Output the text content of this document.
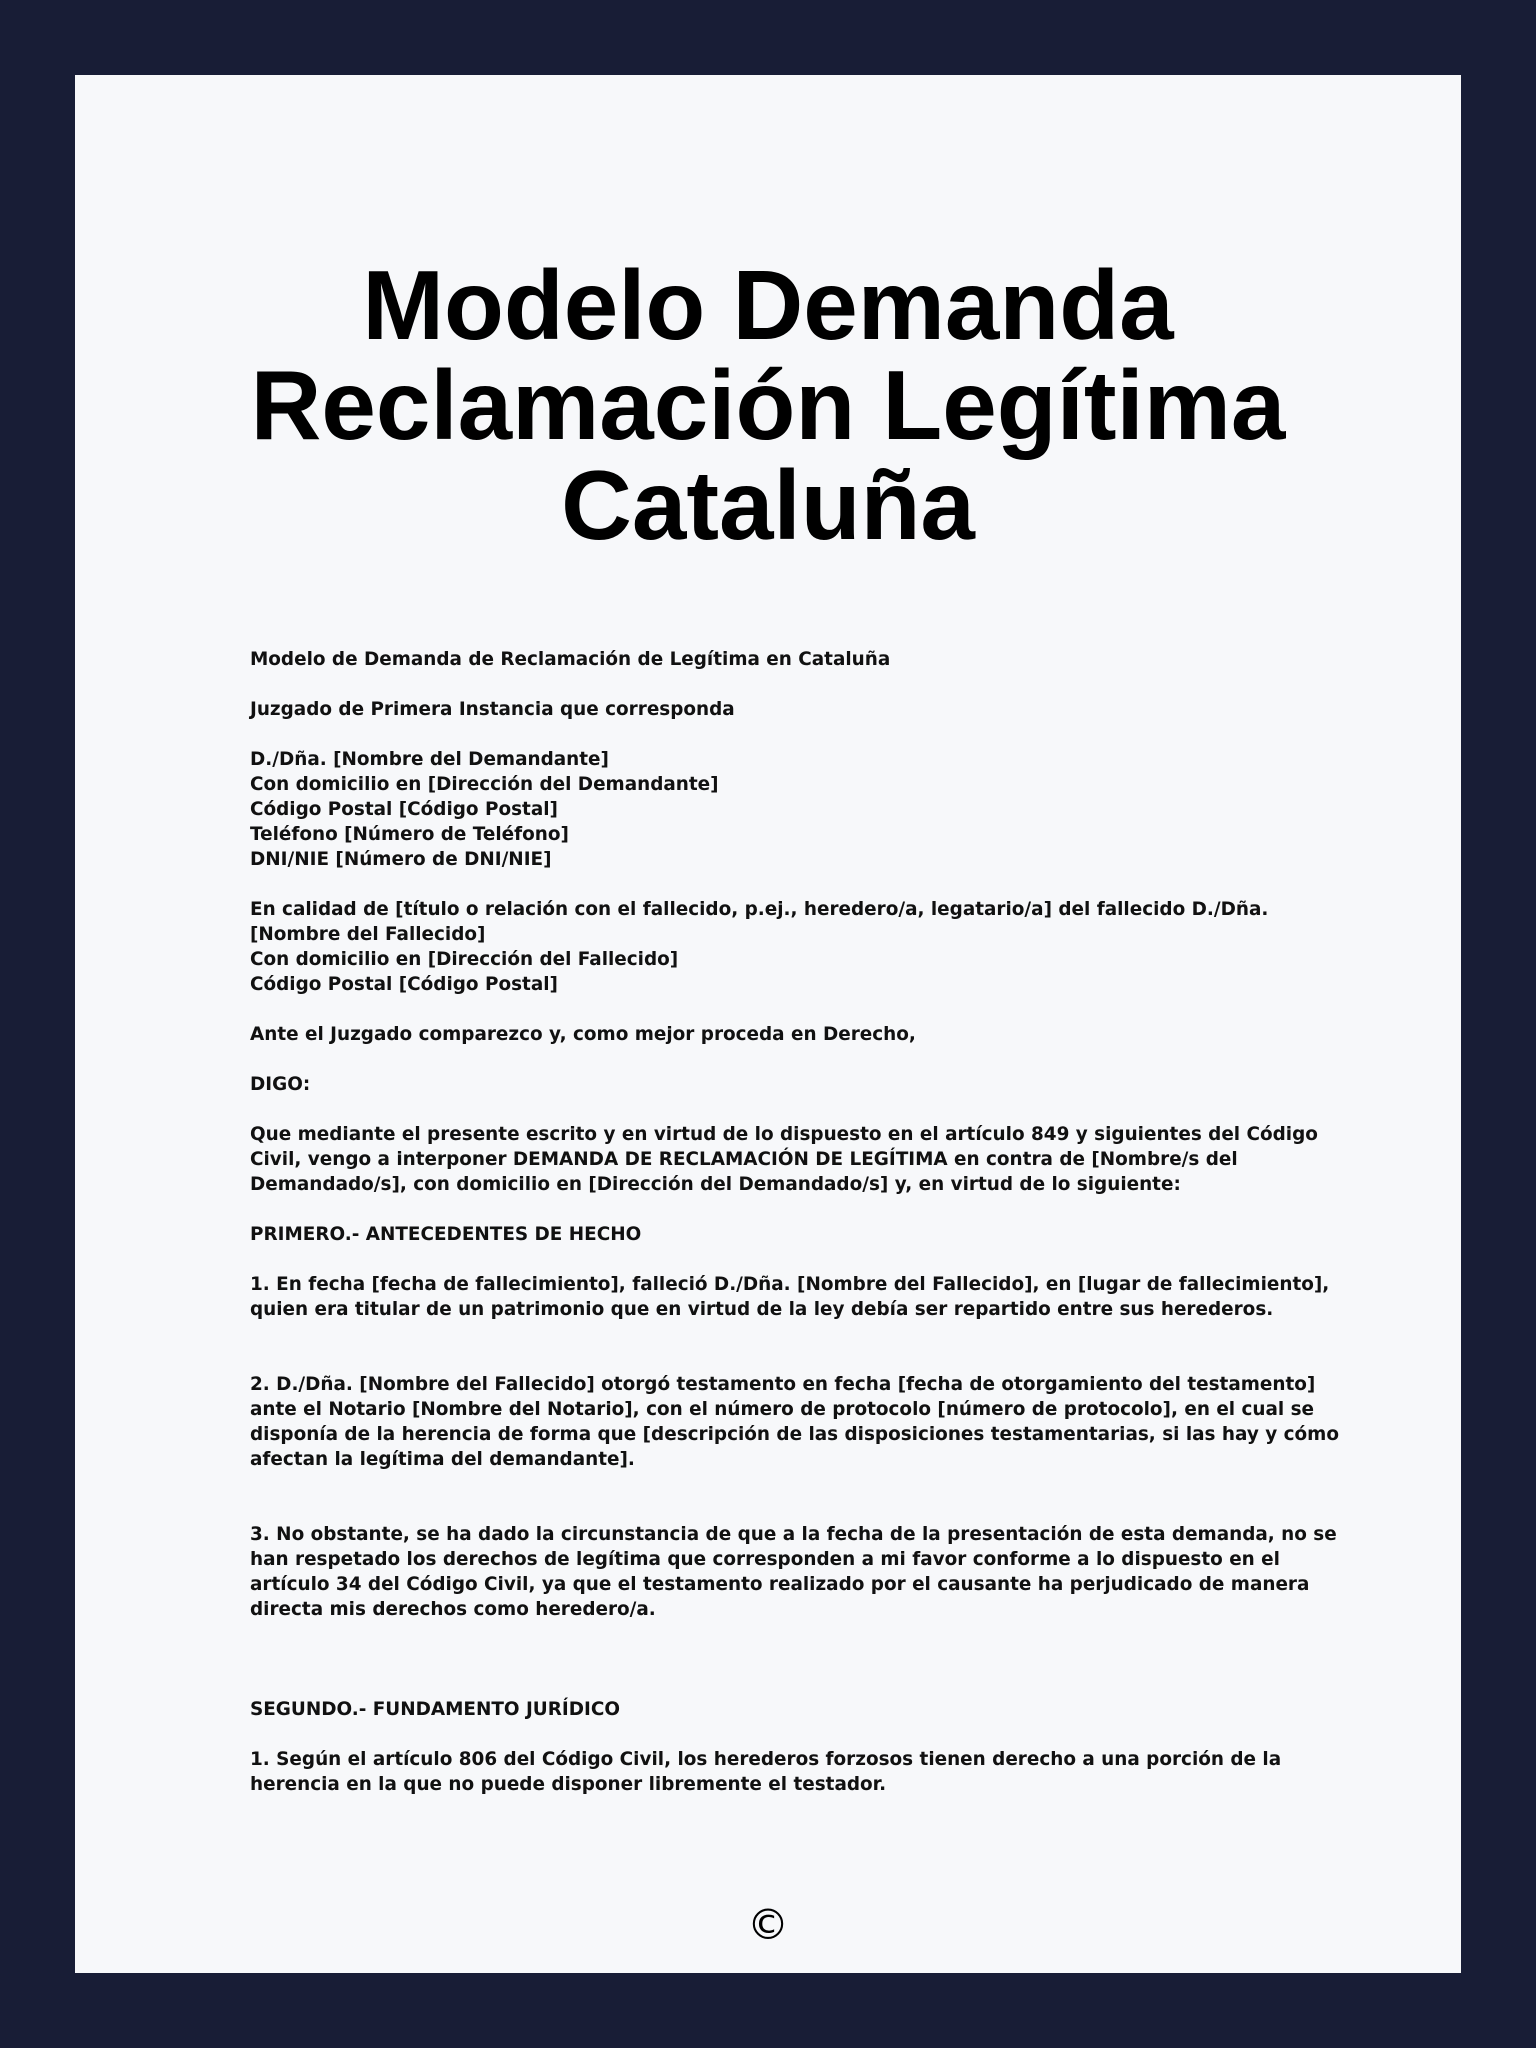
Modelo Demanda
Reclamación Legítima
Cataluña

Modelo de Demanda de Reclamación de Legítima en Cataluña

Juzgado de Primera Instancia que corresponda

D./Dña. [Nombre del Demandante]
Con domicilio en [Dirección del Demandante]
Código Postal [Código Postal]
Teléfono [Número de Teléfono]
DNI/NIE [Número de DNI/NIE]

En calidad de [título o relación con el fallecido, p.ej., heredero/a, legatario/a] del fallecido D./Dña. [Nombre del Fallecido]
Con domicilio en [Dirección del Fallecido]
Código Postal [Código Postal]

Ante el Juzgado comparezco y, como mejor proceda en Derecho,

DIGO:

Que mediante el presente escrito y en virtud de lo dispuesto en el artículo 849 y siguientes del Código Civil, vengo a interponer DEMANDA DE RECLAMACIÓN DE LEGÍTIMA en contra de [Nombre/s del Demandado/s], con domicilio en [Dirección del Demandado/s] y, en virtud de lo siguiente:

PRIMERO.- ANTECEDENTES DE HECHO

1. En fecha [fecha de fallecimiento], falleció D./Dña. [Nombre del Fallecido], en [lugar de fallecimiento], quien era titular de un patrimonio que en virtud de la ley debía ser repartido entre sus herederos.

2. D./Dña. [Nombre del Fallecido] otorgó testamento en fecha [fecha de otorgamiento del testamento] ante el Notario [Nombre del Notario], con el número de protocolo [número de protocolo], en el cual se disponía de la herencia de forma que [descripción de las disposiciones testamentarias, si las hay y cómo afectan la legítima del demandante].

3. No obstante, se ha dado la circunstancia de que a la fecha de la presentación de esta demanda, no se han respetado los derechos de legítima que corresponden a mi favor conforme a lo dispuesto en el artículo 34 del Código Civil, ya que el testamento realizado por el causante ha perjudicado de manera directa mis derechos como heredero/a.

SEGUNDO.- FUNDAMENTO JURÍDICO

1. Según el artículo 806 del Código Civil, los herederos forzosos tienen derecho a una porción de la herencia en la que no puede disponer libremente el testador.

©
